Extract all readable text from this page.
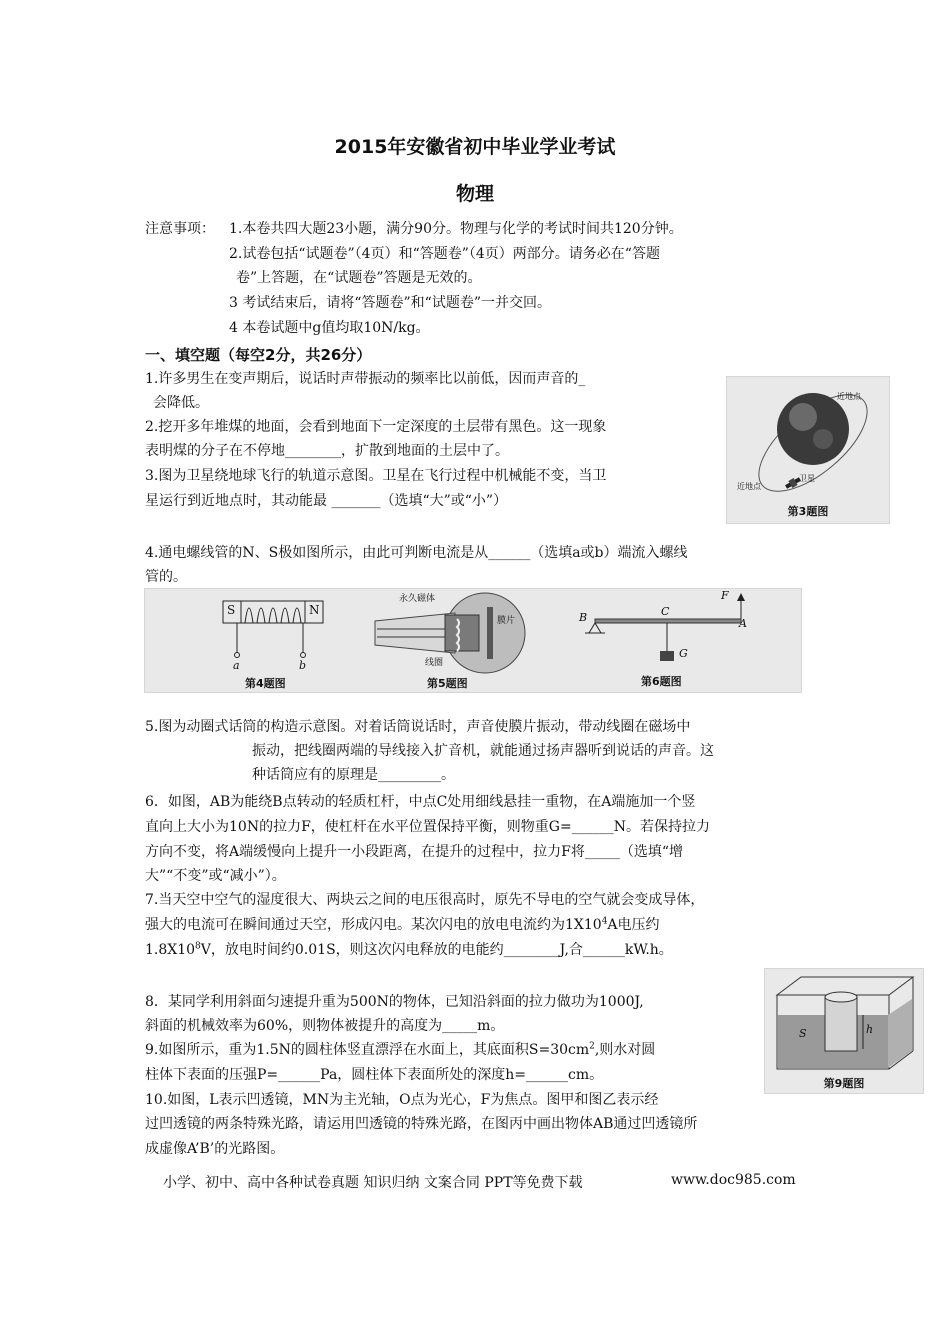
2015年安徽省初中毕业学业考试
物理
注意事项： 1.本卷共四大题23小题，满分90分。物理与化学的考试时间共120分钟。
2.试卷包括“试题卷”（4页）和“答题卷”（4页）两部分。请务必在“答题
卷”上答题，在“试题卷”答题是无效的。
3 考试结束后，请将“答题卷”和“试题卷”一并交回。
4 本卷试题中g值均取10N/kg。
一、填空题（每空2分，共26分）
1.许多男生在变声期后，说话时声带振动的频率比以前低，因而声音的_
会降低。
2.挖开多年堆煤的地面，会看到地面下一定深度的土层带有黑色。这一现象
表明煤的分子在不停地________，扩散到地面的土层中了。
3.图为卫星绕地球飞行的轨道示意图。卫星在飞行过程中机械能不变，当卫
星运行到近地点时，其动能最 _______（选填“大”或“小”）
近地点
近地点
卫星
第3题图
4.通电螺线管的N、S极如图所示，由此可判断电流是从______（选填a或b）端流入螺线
管的。
S	N
a	b
第4题图
永久磁体
线圈
膜片
第5题图
B	C
A
F
G
第6题图
5.图为动圈式话筒的构造示意图。对着话筒说话时，声音使膜片振动，带动线圈在磁场中
振动，把线圈两端的导线接入扩音机，就能通过扬声器听到说话的声音。这
种话筒应有的原理是_________。
6．如图，AB为能绕B点转动的轻质杠杆，中点C处用细线悬挂一重物，在A端施加一个竖
直向上大小为10N的拉力F，使杠杆在水平位置保持平衡，则物重G=______N。若保持拉力
方向不变，将A端缓慢向上提升一小段距离，在提升的过程中，拉力F将_____（选填“增
大”“不变”或“减小”）。
7.当天空中空气的湿度很大、两块云之间的电压很高时，原先不导电的空气就会变成导体，
强大的电流可在瞬间通过天空，形成闪电。某次闪电的放电电流约为$1X10^4A$电压约
$1.8X10^8V$，放电时间约0.01S，则这次闪电释放的电能约________J,合______kW.h。
8．某同学利用斜面匀速提升重为500N的物体，已知沿斜面的拉力做功为1000J,
斜面的机械效率为60%，则物体被提升的高度为_____m。
9.如图所示，重为1.5N的圆柱体竖直漂浮在水面上，其底面积$S=30cm^2$,则水对圆
柱体下表面的压强P=______Pa，圆柱体下表面所处的深度h=______cm。
S	h
第9题图
10.如图，L表示凹透镜，MN为主光轴，O点为光心，F为焦点。图甲和图乙表示经
过凹透镜的两条特殊光路，请运用凹透镜的特殊光路，在图丙中画出物体AB通过凹透镜所
成虚像A’B’的光路图。
小学、初中、高中各种试卷真题 知识归纳 文案合同 PPT等免费下载	www.doc985.com
